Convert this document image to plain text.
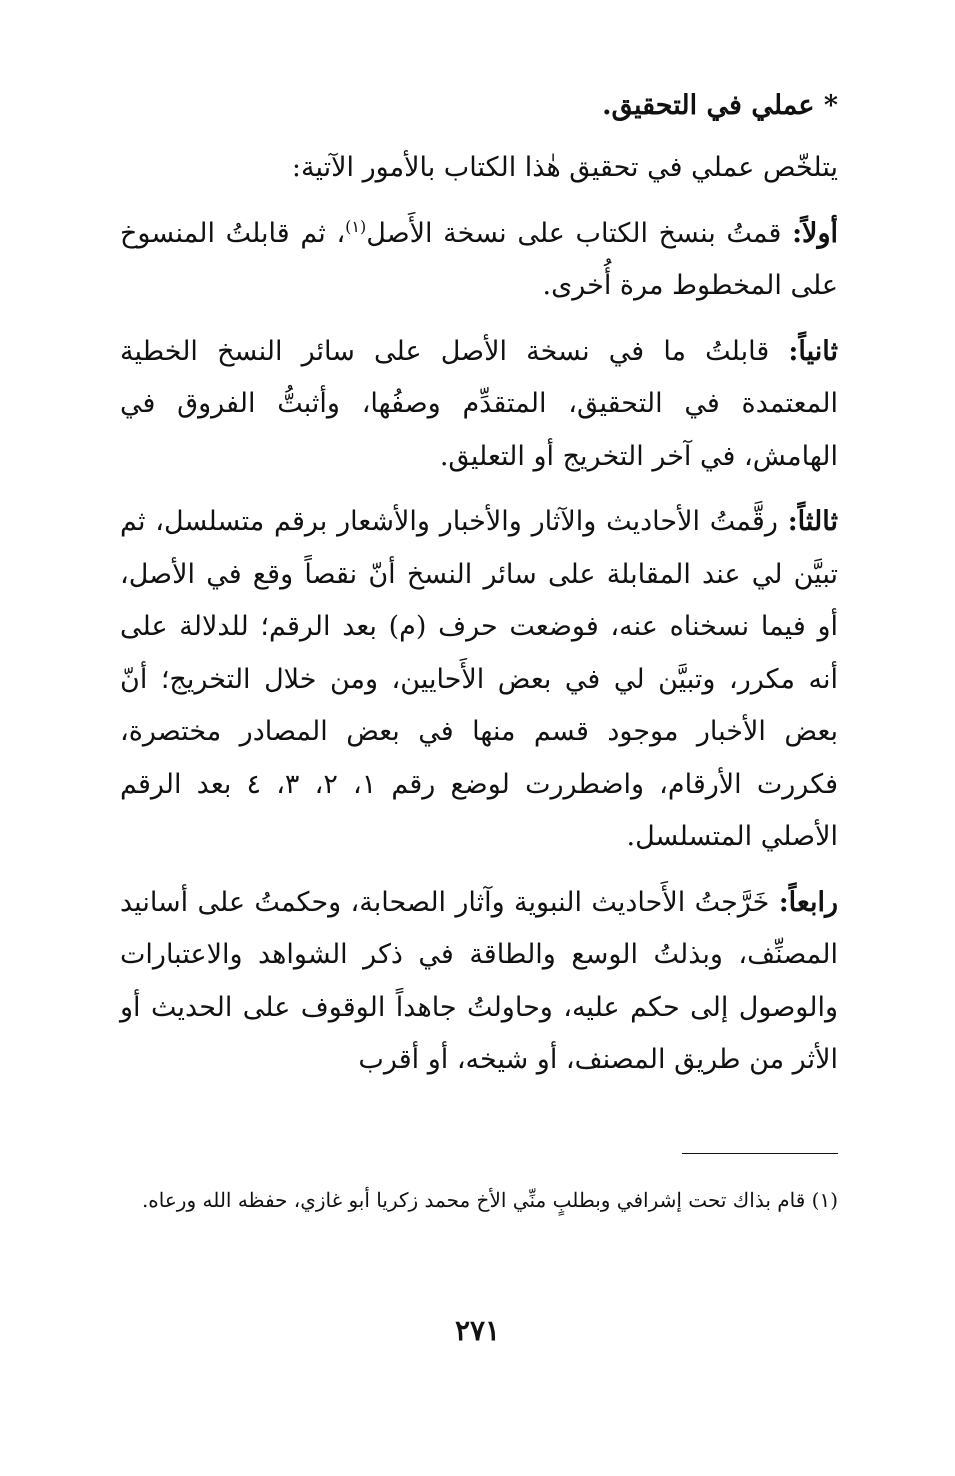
* عملي في التحقيق.

يتلخّص عملي في تحقيق هٰذا الكتاب بالأمور الآتية:

أولاً: قمتُ بنسخ الكتاب على نسخة الأَصل$^{(١)}$، ثم قابلتُ المنسوخ على المخطوط مرة أُخرى.

ثانياً: قابلتُ ما في نسخة الأصل على سائر النسخ الخطية المعتمدة في التحقيق، المتقدِّم وصفُها، وأثبتُّ الفروق في الهامش، في آخر التخريج أو التعليق.

ثالثاً: رقَّمتُ الأحاديث والآثار والأخبار والأشعار برقم متسلسل، ثم تبيَّن لي عند المقابلة على سائر النسخ أنّ نقصاً وقع في الأصل، أو فيما نسخناه عنه، فوضعت حرف (م) بعد الرقم؛ للدلالة على أنه مكرر، وتبيَّن لي في بعض الأَحايين، ومن خلال التخريج؛ أنّ بعض الأخبار موجود قسم منها في بعض المصادر مختصرة، فكررت الأرقام، واضطررت لوضع رقم ١، ٢، ٣، ٤ بعد الرقم الأصلي المتسلسل.

رابعاً: خَرَّجتُ الأَحاديث النبوية وآثار الصحابة، وحكمتُ على أسانيد المصنِّف، وبذلتُ الوسع والطاقة في ذكر الشواهد والاعتبارات والوصول إلى حكم عليه، وحاولتُ جاهداً الوقوف على الحديث أو الأثر من طريق المصنف، أو شيخه، أو أقرب

(١) قام بذاك تحت إشرافي وبطلبٍ منِّي الأخ محمد زكريا أبو غازي، حفظه الله ورعاه.
٢٧١
